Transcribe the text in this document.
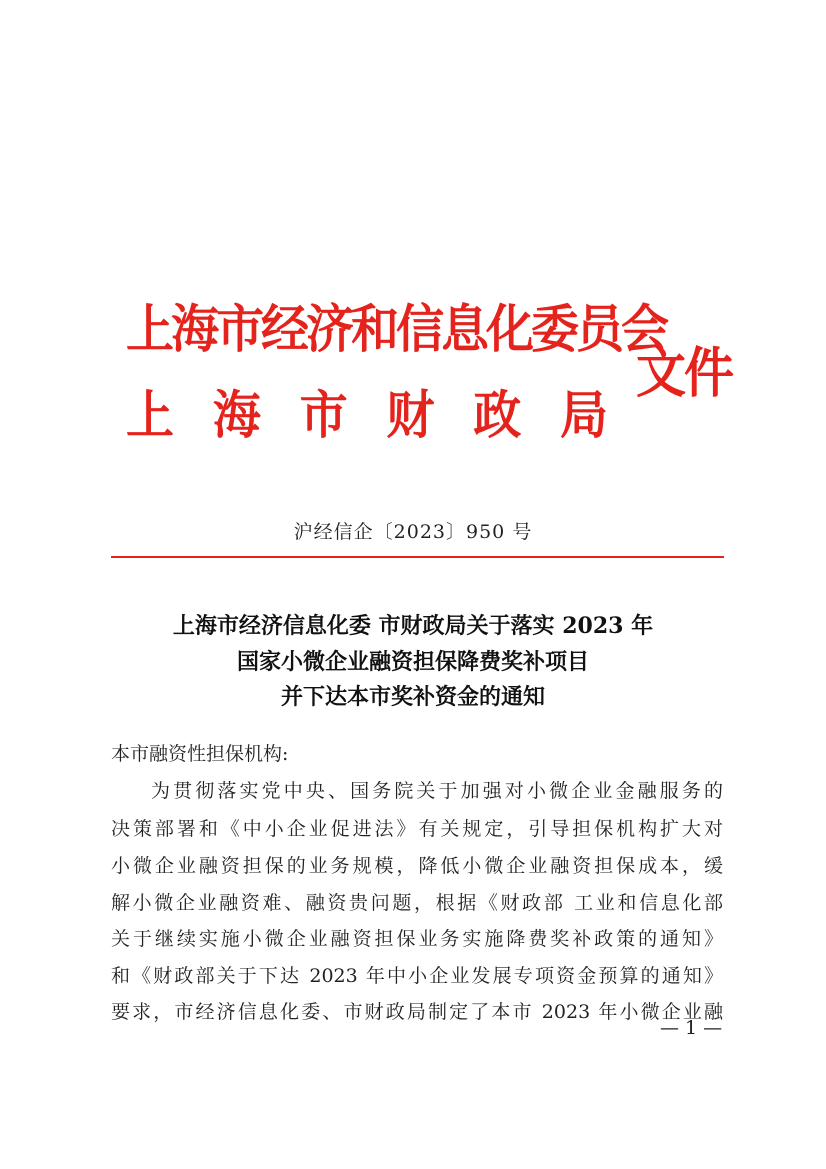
上海市经济和信息化委员会
上 海 市 财 政 局
文件
沪经信企〔2023〕950 号
上海市经济信息化委 市财政局关于落实 2023 年
国家小微企业融资担保降费奖补项目
并下达本市奖补资金的通知
本市融资性担保机构:
为贯彻落实党中央、国务院关于加强对小微企业金融服务的
决策部署和《中小企业促进法》有关规定，引导担保机构扩大对
小微企业融资担保的业务规模，降低小微企业融资担保成本，缓
解小微企业融资难、融资贵问题，根据《财政部 工业和信息化部
关于继续实施小微企业融资担保业务实施降费奖补政策的通知》
和《财政部关于下达 2023 年中小企业发展专项资金预算的通知》
要求，市经济信息化委、市财政局制定了本市 2023 年小微企业融
— 1 —
